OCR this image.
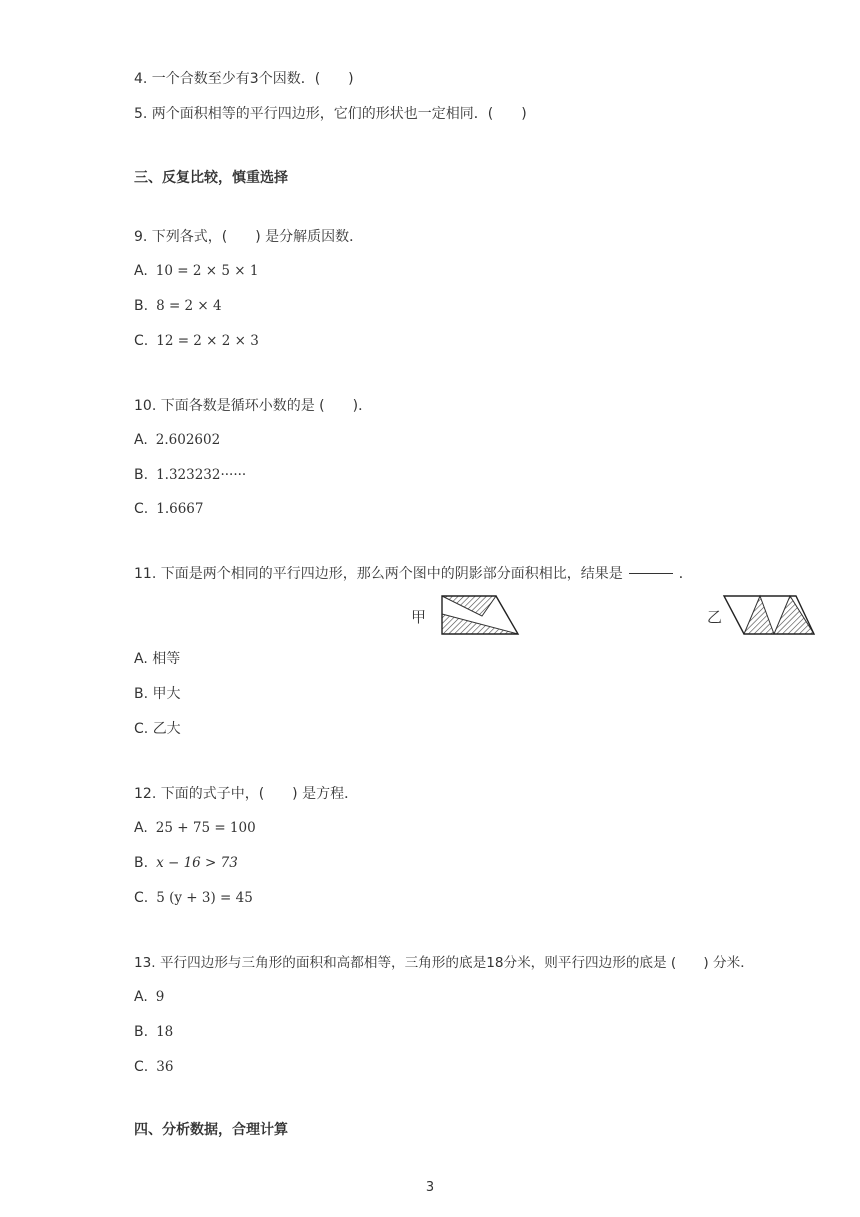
4. 一个合数至少有3个因数．(　　)
5. 两个面积相等的平行四边形，它们的形状也一定相同．(　　)
三、反复比较，慎重选择
9. 下列各式，(　　) 是分解质因数．
A. 10 = 2 × 5 × 1
B. 8 = 2 × 4
C. 12 = 2 × 2 × 3
10. 下面各数是循环小数的是 (　　)．
A. 2.602602
B. 1.323232······
C. 1.6667
11. 下面是两个相同的平行四边形，那么两个图中的阴影部分面积相比，结果是	．
甲	乙
A. 相等
B. 甲大
C. 乙大
12. 下面的式子中，(　　) 是方程．
A. 25 + 75 = 100
B. x − 16 > 73
C. 5 (y + 3) = 45
13. 平行四边形与三角形的面积和高都相等，三角形的底是18分米，则平行四边形的底是 (　　) 分米．
A. 9
B. 18
C. 36
四、分析数据，合理计算
3
